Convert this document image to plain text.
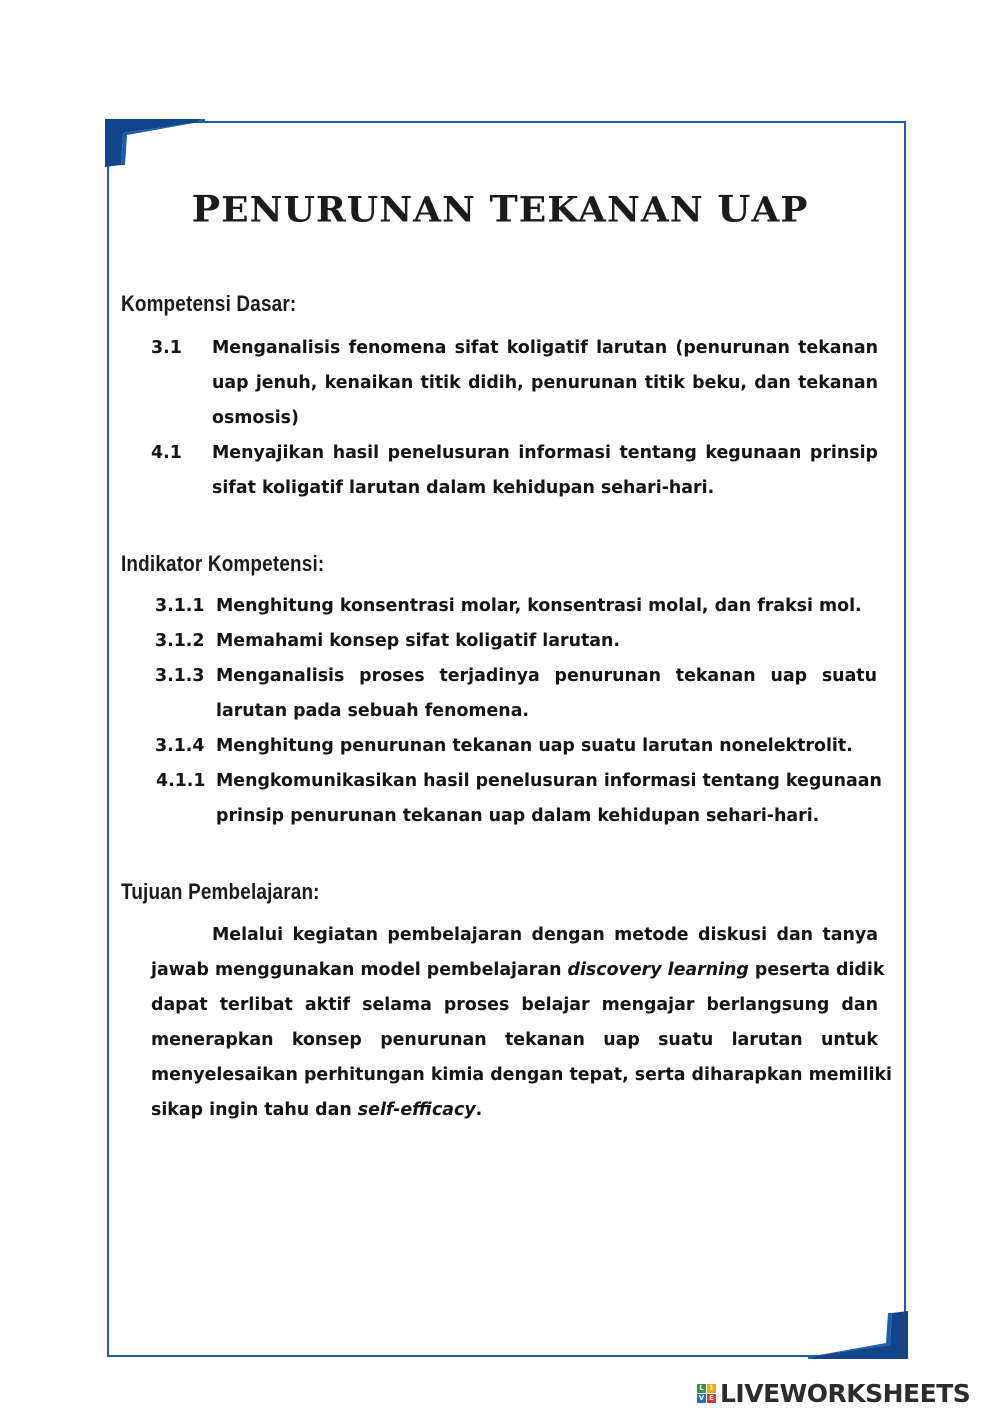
PENURUNAN TEKANAN UAP
Kompetensi Dasar:
3.1 Menganalisis fenomena sifat koligatif larutan (penurunan tekanan
uap jenuh, kenaikan titik didih, penurunan titik beku, dan tekanan
osmosis)
4.1 Menyajikan hasil penelusuran informasi tentang kegunaan prinsip
sifat koligatif larutan dalam kehidupan sehari-hari.
Indikator Kompetensi:
3.1.1 Menghitung konsentrasi molar, konsentrasi molal, dan fraksi mol.
3.1.2 Memahami konsep sifat koligatif larutan.
3.1.3 Menganalisis proses terjadinya penurunan tekanan uap suatu
larutan pada sebuah fenomena.
3.1.4 Menghitung penurunan tekanan uap suatu larutan nonelektrolit.
4.1.1 Mengkomunikasikan hasil penelusuran informasi tentang kegunaan
prinsip penurunan tekanan uap dalam kehidupan sehari-hari.
Tujuan Pembelajaran:
Melalui kegiatan pembelajaran dengan metode diskusi dan tanya
jawab menggunakan model pembelajaran discovery learning peserta didik
dapat terlibat aktif selama proses belajar mengajar berlangsung dan
menerapkan konsep penurunan tekanan uap suatu larutan untuk
menyelesaikan perhitungan kimia dengan tepat, serta diharapkan memiliki
sikap ingin tahu dan self-efficacy.
L I
V E LIVEWORKSHEETS
